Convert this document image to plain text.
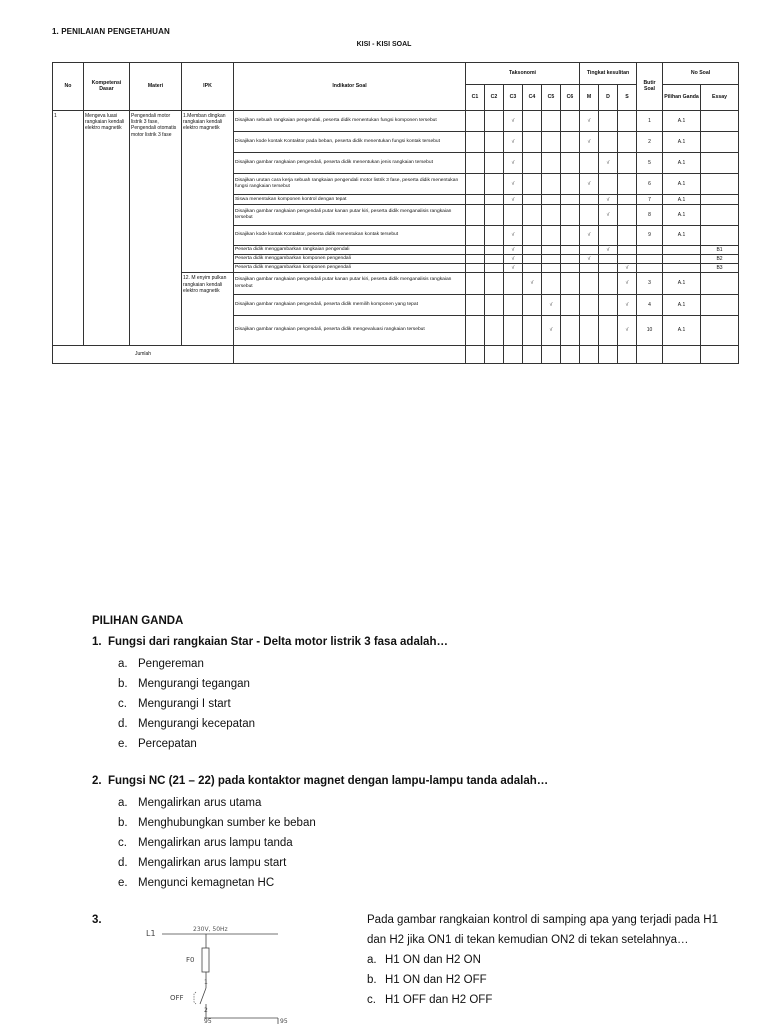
1. PENILAIAN PENGETAHUAN
KISI - KISI SOAL
No	Kompetensi Dasar	Materi	IPK	Indikator Soal	Taksonomi						Tingkat kesulitan			Butir Soal	No Soal	
					C1	C2	C3	C4	C5	C6	M	D	S		Pilihan Ganda	Essay
1	Mengeva luasi rangkaian kendali elektro magnetik	Pengendali motor listrik 3 fase, Pengendali otomatis motor listrik 3 fase	1.Memban dingkan rangkaian kendali elektro magnetik	Disajikan sebuah rangkaian pengendali, peserta didik menentukan fungsi komponen tersebut			√				√			1	A.1	
				Disajikan kode kontak Kontaktor pada beban, peserta didik menentukan fungsi kontak tersebut			√				√			2	A.1	
				Disajikan gambar rangkaian pengendali, peserta didik menentukan jenis rangkaian tersebut			√					√		5	A.1	
				Disajikan urutan cara kerja sebuah rangkaian pengendali motor listrik 3 fase, peserta didik menentukan fungsi rangkaian tersebut			√				√			6	A.1	
				Siswa menentukan komponen kontrol dengan tepat			√					√		7	A.1	
				Disajikan gambar rangkaian pengendali putar kanan putar kiri, peserta didik menganalisis rangkaian tersebut								√		8	A.1	
				Disajikan kode kontak Kontaktor, peserta didik menentukan kontak tersebut			√				√			9	A.1	
				Peserta didik menggambarkan rangkaian pengendali			√					√				B1
				Peserta didik menggambarkan komponen pengendali			√				√					B2
				Peserta didik menggambarkan komponen pengendali			√						√			B3
			12. M enyim pulkan rangkaian kendali elektro magnetik	Disajikan gambar rangkaian pengendali putar kanan putar kiri, peserta didik menganalisis rangkaian tersebut				√					√	3	A.1	
				Disajikan gambar rangkaian pengendali, peserta didik memilih komponen yang tepat					√				√	4	A.1	
				Disajikan gambar rangkaian pengendali, peserta didik mengevaluasi rangkaian tersebut					√				√	10	A.1	
Jumlah																
PILIHAN GANDA
1. Fungsi dari rangkaian Star - Delta motor listrik 3 fasa adalah…
a. Pengereman
b. Mengurangi tegangan
c. Mengurangi I start
d. Mengurangi kecepatan
e. Percepatan
2. Fungsi NC (21 – 22) pada kontaktor magnet dengan lampu-lampu tanda adalah…
a. Mengalirkan arus utama
b. Menghubungkan sumber ke beban
c. Mengalirkan arus lampu tanda
d. Mengalirkan arus lampu start
e. Mengunci kemagnetan HC
3.
L1	230V, 50Hz
F0
1
OFF
2
95	95
Pada gambar rangkaian kontrol di samping apa yang terjadi pada H1 dan H2 jika ON1 di tekan kemudian ON2 di tekan setelahnya…
a. H1 ON dan H2 ON
b. H1 ON dan H2 OFF
c. H1 OFF dan H2 OFF
